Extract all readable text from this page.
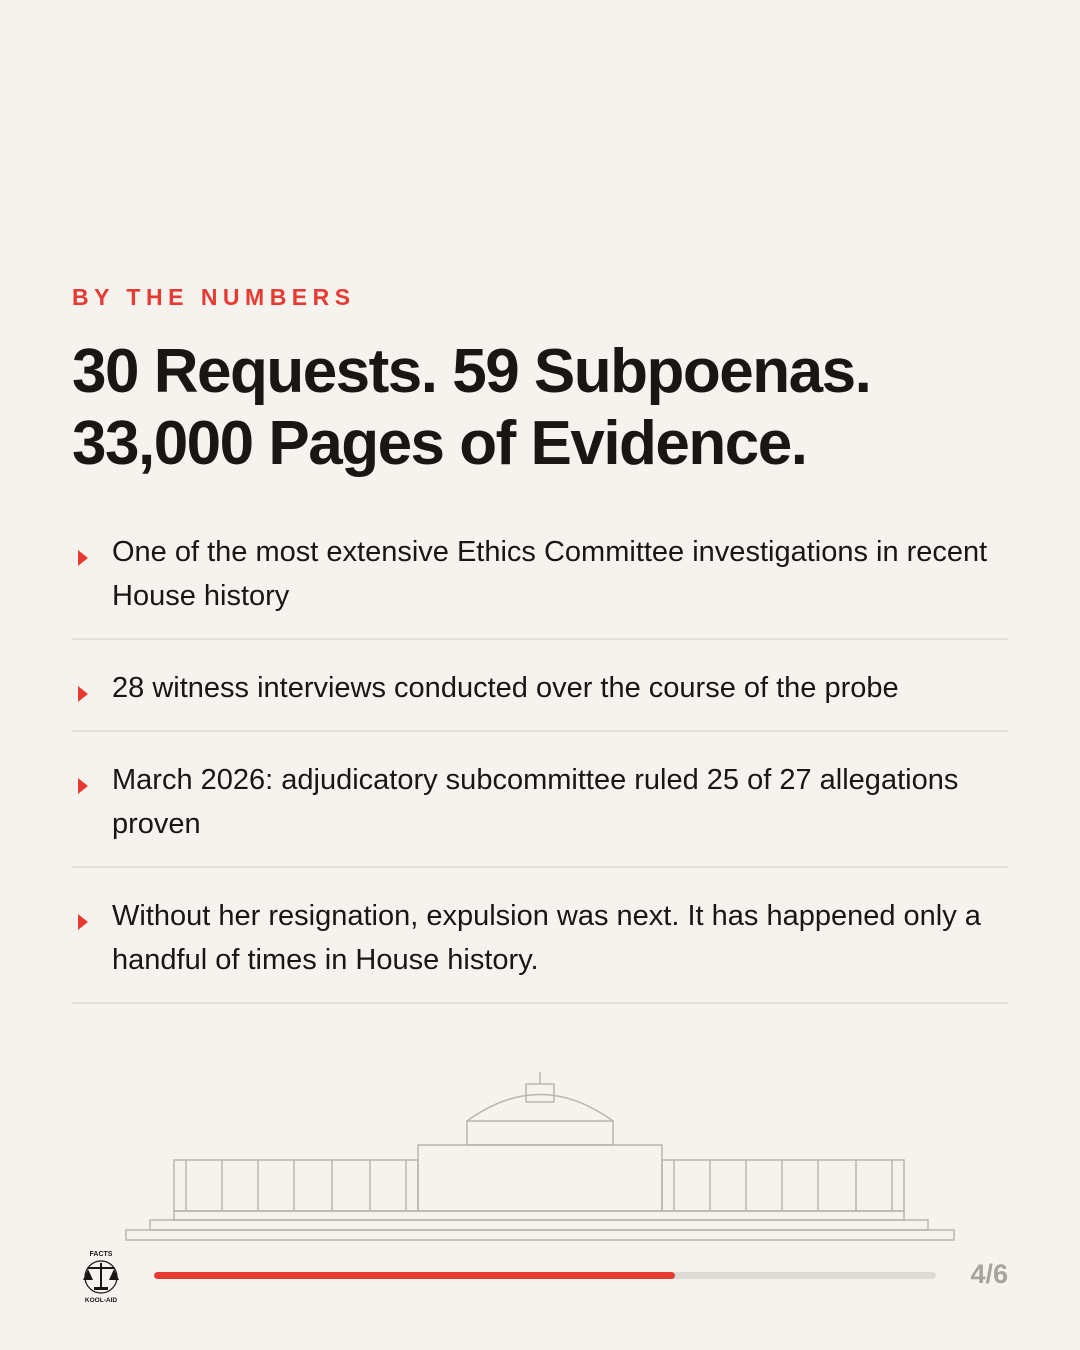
BY THE NUMBERS

30 Requests. 59 Subpoenas.
33,000 Pages of Evidence.
One of the most extensive Ethics Committee investigations in recent House history
28 witness interviews conducted over the course of the probe
March 2026: adjudicatory subcommittee ruled 25 of 27 allegations proven
Without her resignation, expulsion was next. It has happened only a handful of times in House history.
FACTS
KOOL-AID
4/6
